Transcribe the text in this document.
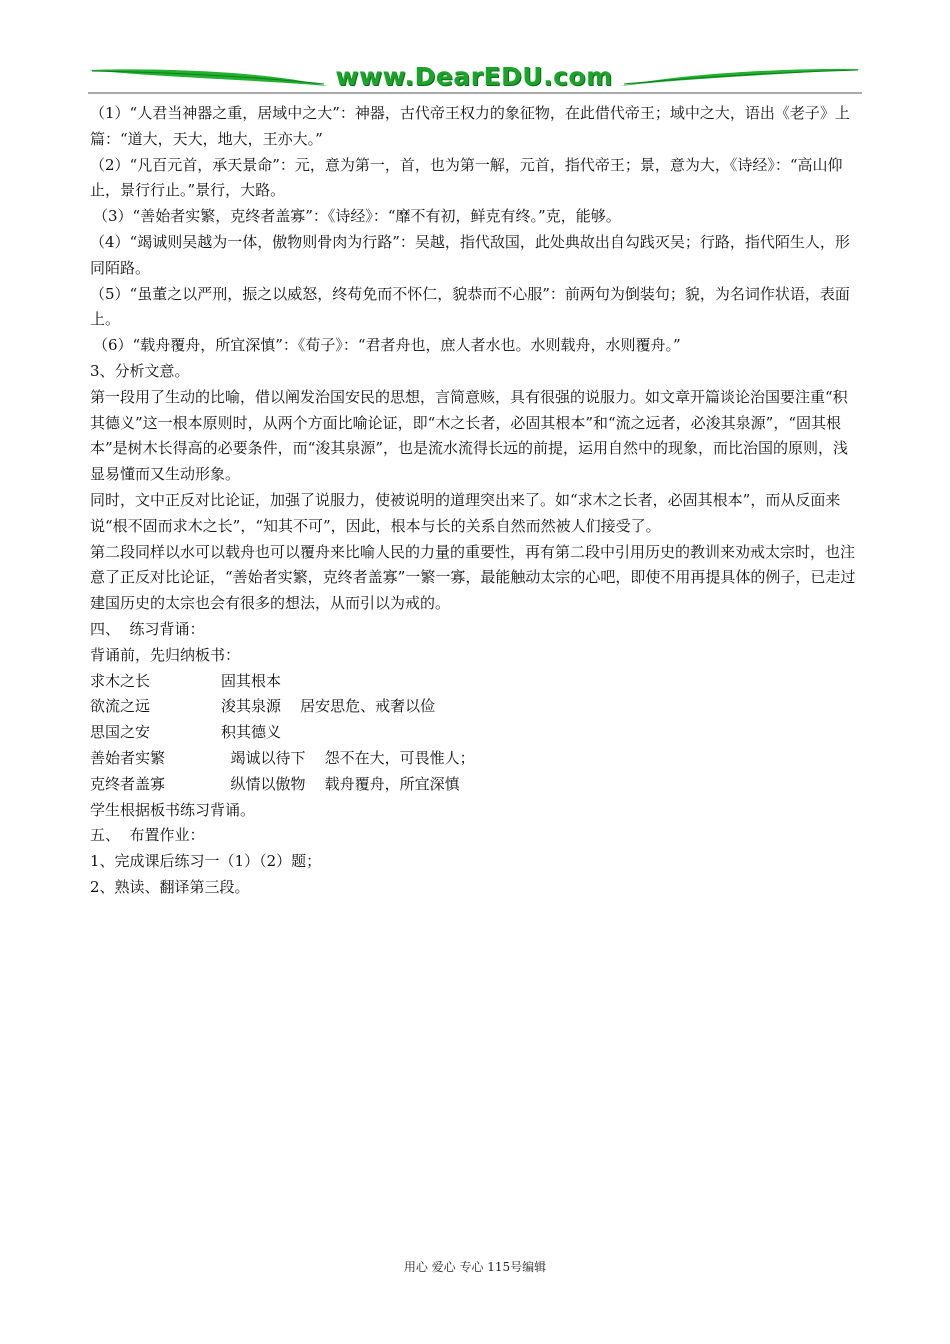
www.DearEDU.com

（1）“人君当神器之重，居域中之大”：神器，古代帝王权力的象征物，在此借代帝王；域中之大，语出《老子》上篇：“道大，天大，地大，王亦大。”

（2）“凡百元首，承天景命”：元，意为第一，首，也为第一解，元首，指代帝王；景，意为大，《诗经》：“高山仰止，景行行止。”景行，大路。

（3）“善始者实繁，克终者盖寡”：《诗经》：“靡不有初，鲜克有终。”克，能够。

（4）“竭诚则吴越为一体，傲物则骨肉为行路”：吴越，指代敌国，此处典故出自勾践灭吴；行路，指代陌生人，形同陌路。

（5）“虽董之以严刑，振之以威怒，终苟免而不怀仁，貌恭而不心服”：前两句为倒装句；貌，为名词作状语，表面上。

（6）“载舟覆舟，所宜深慎”：《荀子》：“君者舟也，庶人者水也。水则载舟，水则覆舟。”

3、分析文意。

第一段用了生动的比喻，借以阐发治国安民的思想，言简意赅，具有很强的说服力。如文章开篇谈论治国要注重“积其德义”这一根本原则时，从两个方面比喻论证，即“木之长者，必固其根本”和“流之远者，必浚其泉源”，“固其根本”是树木长得高的必要条件，而“浚其泉源”，也是流水流得长远的前提，运用自然中的现象，而比治国的原则，浅显易懂而又生动形象。

同时，文中正反对比论证，加强了说服力，使被说明的道理突出来了。如“求木之长者，必固其根本”，而从反面来说“根不固而求木之长”，“知其不可”，因此，根本与长的关系自然而然被人们接受了。

第二段同样以水可以载舟也可以覆舟来比喻人民的力量的重要性，再有第二段中引用历史的教训来劝戒太宗时，也注意了正反对比论证，“善始者实繁，克终者盖寡”一繁一寡，最能触动太宗的心吧，即使不用再提具体的例子，已走过建国历史的太宗也会有很多的想法，从而引以为戒的。

四、  练习背诵：

背诵前，先归纳板书：

求木之长	固其根本
欲流之远	浚其泉源    居安思危、戒奢以俭
思国之安	积其德义
善始者实繁	竭诚以待下    怨不在大，可畏惟人；
克终者盖寡	纵情以傲物    载舟覆舟，所宜深慎

学生根据板书练习背诵。

五、  布置作业：

1、完成课后练习一（1）（2）题；

2、熟读、翻译第三段。

用心 爱心 专心 115号编辑
